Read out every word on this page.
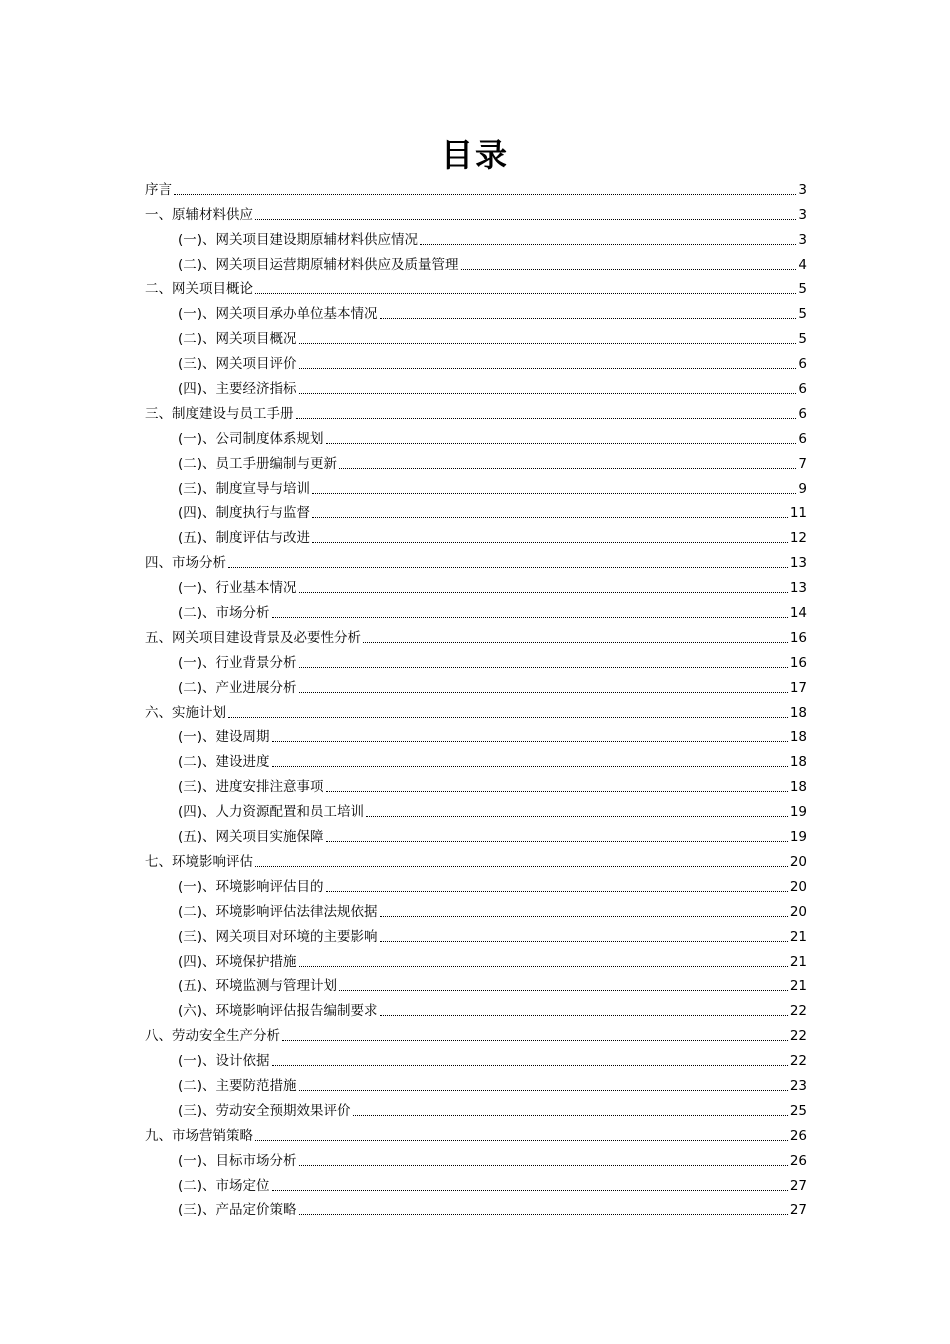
目录
序言	3
一、原辅材料供应	3
(一)、网关项目建设期原辅材料供应情况	3
(二)、网关项目运营期原辅材料供应及质量管理	4
二、网关项目概论	5
(一)、网关项目承办单位基本情况	5
(二)、网关项目概况	5
(三)、网关项目评价	6
(四)、主要经济指标	6
三、制度建设与员工手册	6
(一)、公司制度体系规划	6
(二)、员工手册编制与更新	7
(三)、制度宣导与培训	9
(四)、制度执行与监督	11
(五)、制度评估与改进	12
四、市场分析	13
(一)、行业基本情况	13
(二)、市场分析	14
五、网关项目建设背景及必要性分析	16
(一)、行业背景分析	16
(二)、产业进展分析	17
六、实施计划	18
(一)、建设周期	18
(二)、建设进度	18
(三)、进度安排注意事项	18
(四)、人力资源配置和员工培训	19
(五)、网关项目实施保障	19
七、环境影响评估	20
(一)、环境影响评估目的	20
(二)、环境影响评估法律法规依据	20
(三)、网关项目对环境的主要影响	21
(四)、环境保护措施	21
(五)、环境监测与管理计划	21
(六)、环境影响评估报告编制要求	22
八、劳动安全生产分析	22
(一)、设计依据	22
(二)、主要防范措施	23
(三)、劳动安全预期效果评价	25
九、市场营销策略	26
(一)、目标市场分析	26
(二)、市场定位	27
(三)、产品定价策略	27
